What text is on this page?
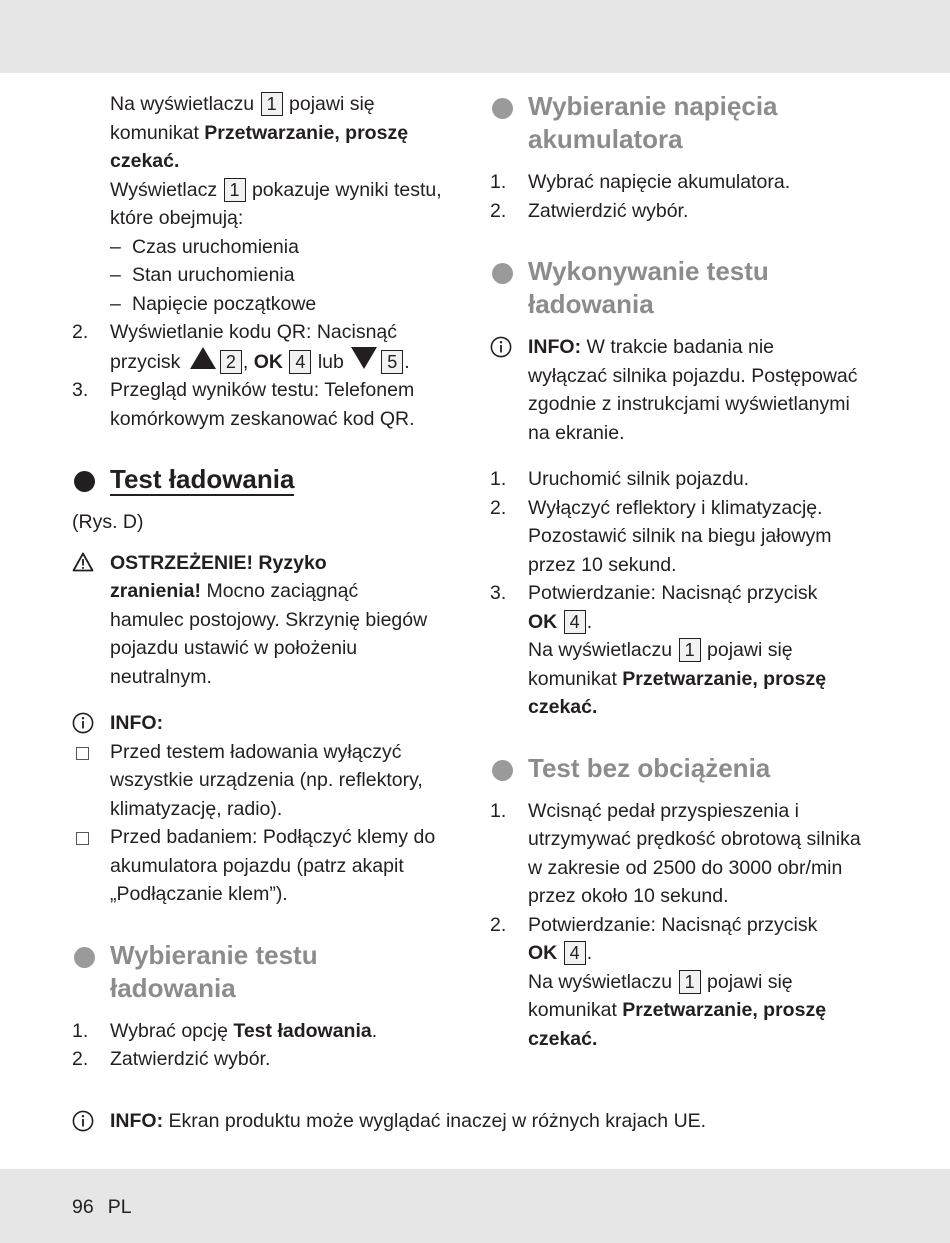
Na wyświetlaczu 1 pojawi się

komunikat Przetwarzanie, proszę

czekać.

Wyświetlacz 1 pokazuje wyniki testu,

które obejmują:

– Czas uruchomienia

– Stan uruchomienia

– Napięcie początkowe

2. Wyświetlanie kodu QR: Nacisnąć

przycisk	2 , OK 4 lub 5 .

3. Przegląd wyników testu: Telefonem

komórkowym zeskanować kod QR.

Test ładowania

(Rys. D)

OSTRZEŻENIE! Ryzyko

zranienia! Mocno zaciągnąć

hamulec postojowy. Skrzynię biegów

pojazdu ustawić w położeniu

neutralnym.

INFO:

Przed testem ładowania wyłączyć

wszystkie urządzenia (np. reflektory,

klimatyzację, radio).

Przed badaniem: Podłączyć klemy do

akumulatora pojazdu (patrz akapit

„Podłączanie klem”).

Wybieranie testu
ładowania
1. Wybrać opcję Test ładowania.

2. Zatwierdzić wybór.

Wybieranie napięcia
akumulatora
1. Wybrać napięcie akumulatora.

2. Zatwierdzić wybór.

Wykonywanie testu
ładowania

INFO: W trakcie badania nie

wyłączać silnika pojazdu. Postępować

zgodnie z instrukcjami wyświetlanymi

na ekranie.

1. Uruchomić silnik pojazdu.

2. Wyłączyć reflektory i klimatyzację.

Pozostawić silnik na biegu jałowym

przez 10 sekund.

3. Potwierdzanie: Nacisnąć przycisk

OK 4 .

Na wyświetlaczu 1 pojawi się

komunikat Przetwarzanie, proszę

czekać.

Test bez obciążenia
1. Wcisnąć pedał przyspieszenia i

utrzymywać prędkość obrotową silnika

w zakresie od 2500 do 3000 obr/min

przez około 10 sekund.

2. Potwierdzanie: Nacisnąć przycisk

OK 4 .

Na wyświetlaczu 1 pojawi się

komunikat Przetwarzanie, proszę

czekać.

INFO: Ekran produktu może wyglądać inaczej w różnych krajach UE.

96 PL
